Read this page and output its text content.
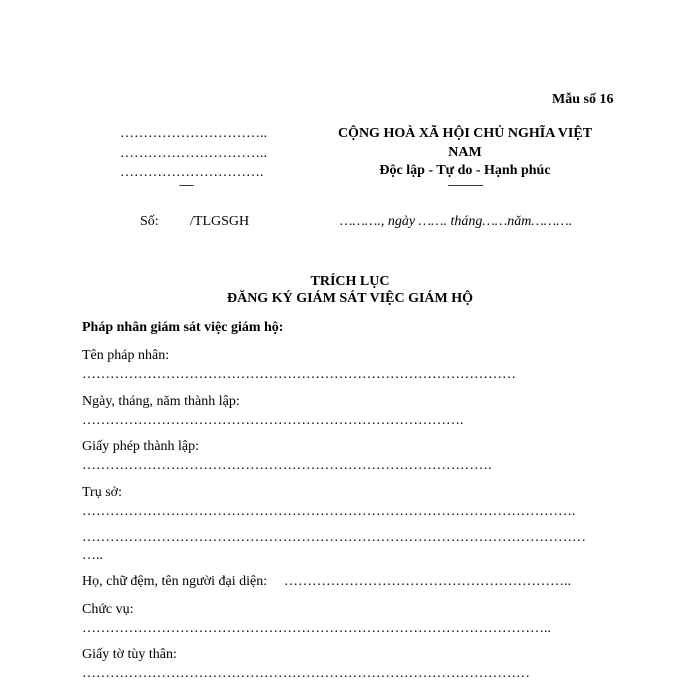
Mẫu số 16
…………………………..
…………………………..
………………………….
------
CỘNG HOÀ XÃ HỘI CHỦ NGHĨA VIỆT
NAM
Độc lập - Tự do - Hạnh phúc
---------------
Số: /TLGSGH	………., ngày ……. tháng……năm……….
TRÍCH LỤC
ĐĂNG KÝ GIÁM SÁT VIỆC GIÁM HỘ
Pháp nhân giám sát việc giám hộ:
Tên pháp nhân:
…………………………………………………………………………………
Ngày, tháng, năm thành lập:
……………………………………………………………………….
Giấy phép thành lập:
…………………………………………………………………………….
Trụ sở:
…………………………………………………………………………………………….
………………………………………………………………………………………………
…..
Họ, chữ đệm, tên người đại diện: ……………………………………………………..
Chức vụ:
………………………………………………………………………………………..
Giấy tờ tùy thân:
……………………………………………………………………………………
